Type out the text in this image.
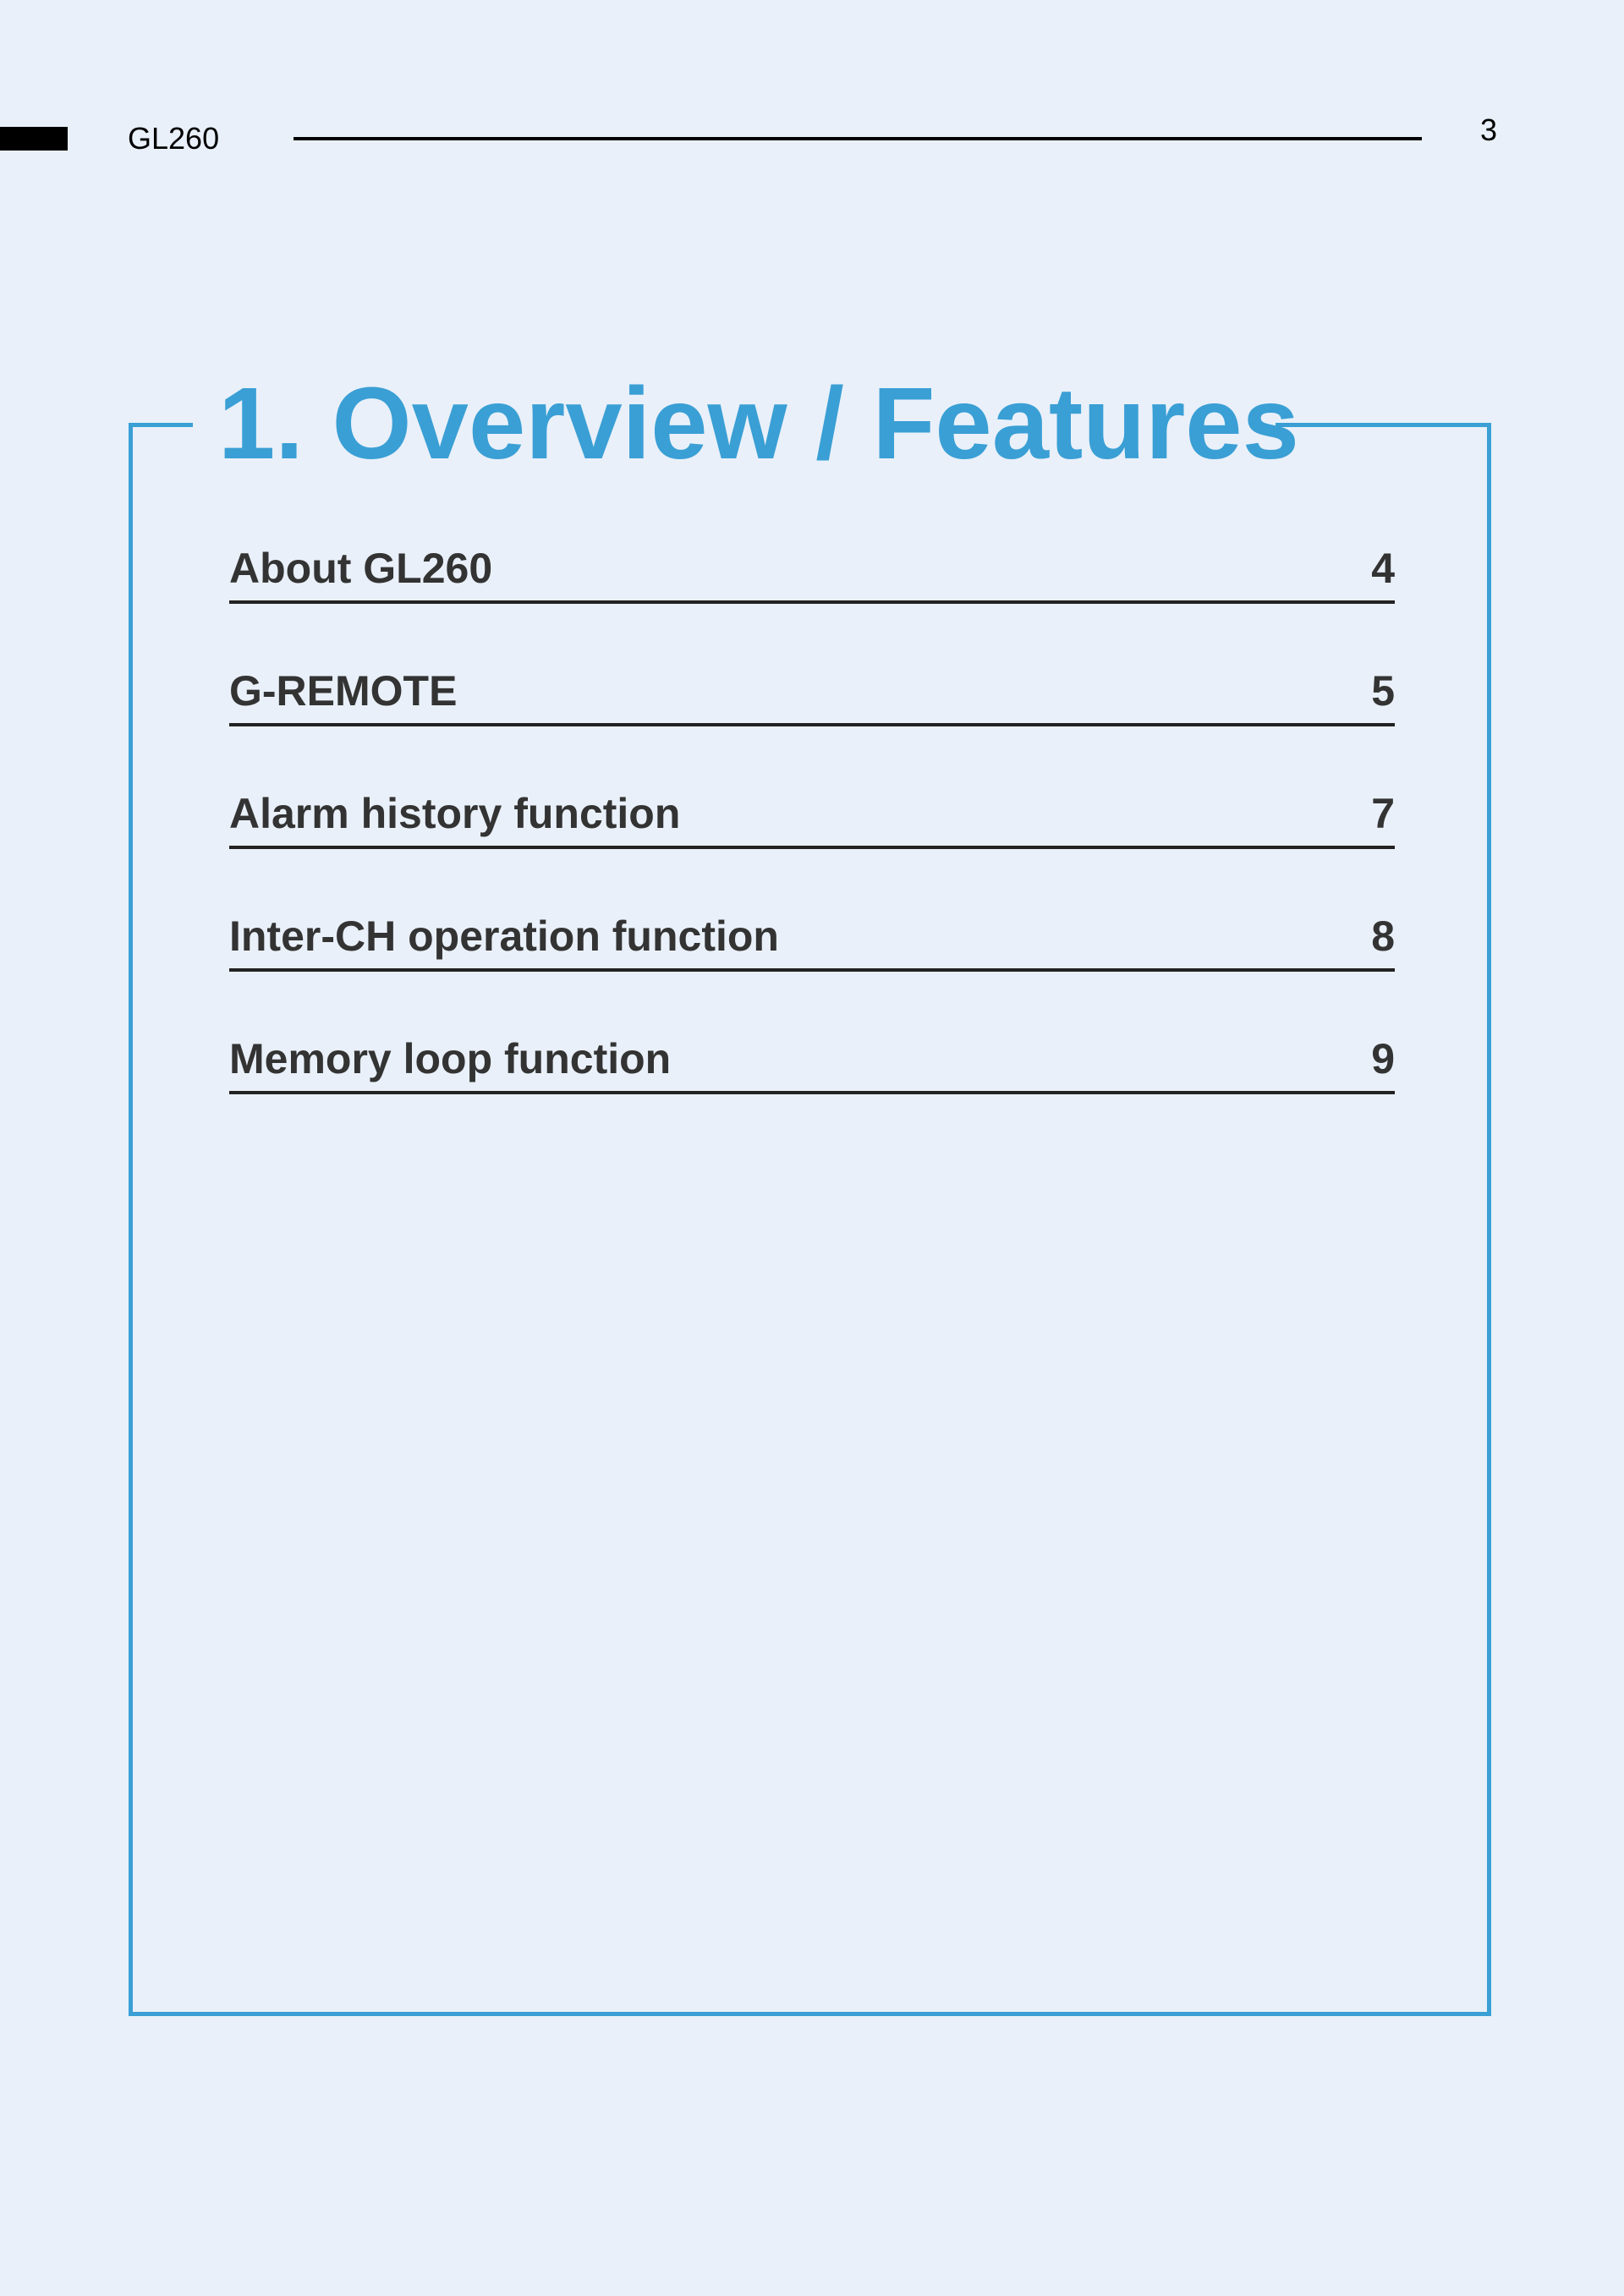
GL260	3
1. Overview / Features
About GL260	4
G-REMOTE	5
Alarm history function	7
Inter-CH operation function	8
Memory loop function	9
